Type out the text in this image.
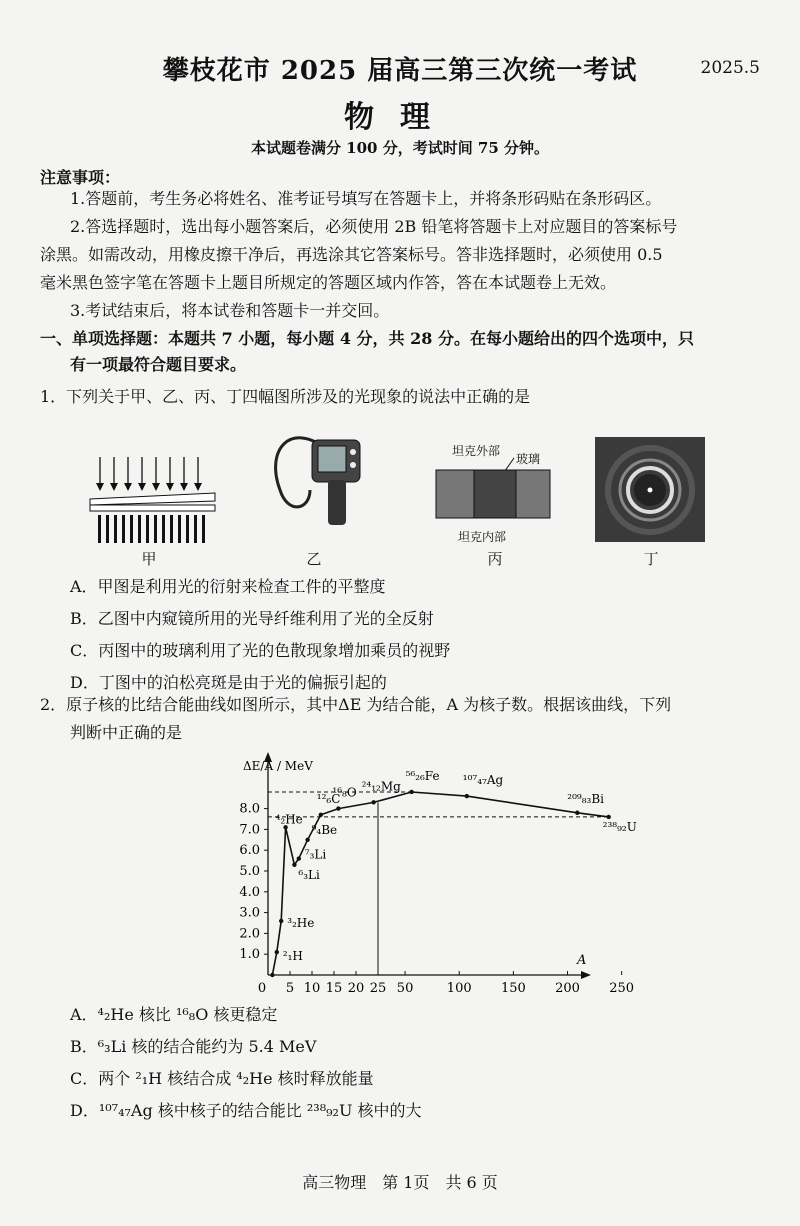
攀枝花市 2025 届高三第三次统一考试	2025.5
物理
本试题卷满分 100 分，考试时间 75 分钟。
注意事项：
1.答题前，考生务必将姓名、准考证号填写在答题卡上，并将条形码贴在条形码区。
2.答选择题时，选出每小题答案后，必须使用 2B 铅笔将答题卡上对应题目的答案标号
涂黑。如需改动，用橡皮擦干净后，再选涂其它答案标号。答非选择题时，必须使用 0.5
毫米黑色签字笔在答题卡上题目所规定的答题区域内作答，答在本试题卷上无效。
3.考试结束后，将本试卷和答题卡一并交回。
一、单项选择题：本题共 7 小题，每小题 4 分，共 28 分。在每小题给出的四个选项中，只
有一项最符合题目要求。
1．下列关于甲、乙、丙、丁四幅图所涉及的光现象的说法中正确的是
甲	乙
坦克外部
玻璃
坦克内部
丙	丁
A．甲图是利用光的衍射来检查工件的平整度
B．乙图中内窥镜所用的光导纤维利用了光的全反射
C．丙图中的玻璃利用了光的色散现象增加乘员的视野
D．丁图中的泊松亮斑是由于光的偏振引起的
2．原子核的比结合能曲线如图所示，其中ΔE 为结合能，A 为核子数。根据该曲线，下列
判断中正确的是
1.0
2.0
3.0
4.0
5.0
6.0
7.0
8.0
0 5 10 15 20 25 50	100 150 200 250
ΔE/A / MeV
A
²₁H
³₂He
⁴₂He
⁶₃Li
⁷₃Li
⁹₄Be
¹²₆C
¹⁶₈O ²⁴₁₂Mg
⁵⁶₂₆Fe ¹⁰⁷₄₇Ag
²⁰⁹₈₃Bi
²³⁸₉₂U
A．⁴₂He 核比 ¹⁶₈O 核更稳定
B．⁶₃Li 核的结合能约为 5.4 MeV
C．两个 ²₁H 核结合成 ⁴₂He 核时释放能量
D．¹⁰⁷₄₇Ag 核中核子的结合能比 ²³⁸₉₂U 核中的大
高三物理　第 1页　共 6 页
